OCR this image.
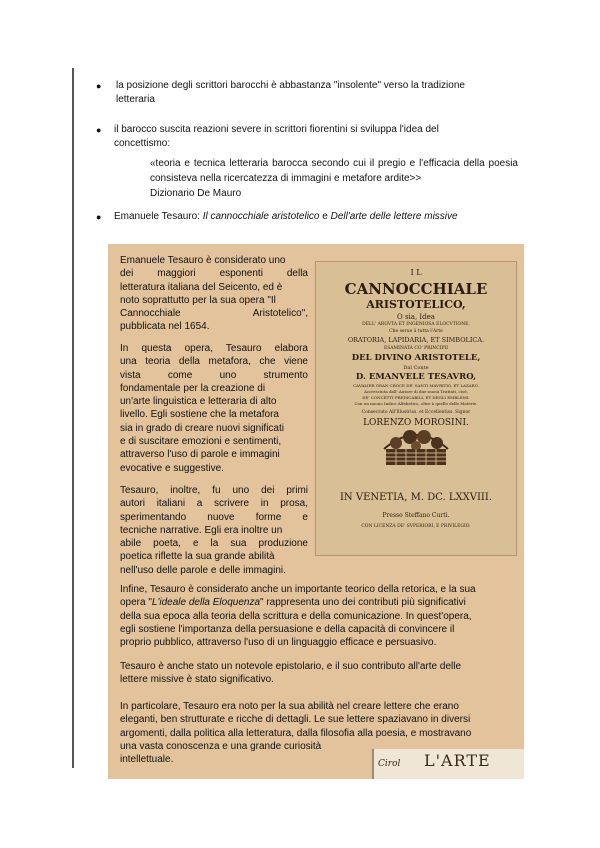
● la posizione degli scrittori barocchi è abbastanza "insolente" verso la tradizione
letteraria
● il barocco suscita reazioni severe in scrittori fiorentini si sviluppa l'idea del
concettismo:
«teoria e tecnica letteraria barocca secondo cui il pregio e l'efficacia della poesia consisteva nella ricercatezza di immagini e metafore ardite>>
Dizionario De Mauro
● Emanuele Tesauro: Il cannocchiale aristotelico e Dell'arte delle lettere missive
Emanuele Tesauro è considerato uno
dei maggiori esponenti della
letteratura italiana del Seicento, ed è
noto soprattutto per la sua opera "Il
Cannocchiale Aristotelico",
pubblicata nel 1654.
In questa opera, Tesauro elabora
una teoria della metafora, che viene
vista come uno strumento
fondamentale per la creazione di
un'arte linguistica e letteraria di alto
livello. Egli sostiene che la metafora
sia in grado di creare nuovi significati
e di suscitare emozioni e sentimenti,
attraverso l'uso di parole e immagini
evocative e suggestive.
Tesauro, inoltre, fu uno dei primi
autori italiani a scrivere in prosa,
sperimentando nuove forme e
tecniche narrative. Egli era inoltre un
abile poeta, e la sua produzione
poetica riflette la sua grande abilità
nell'uso delle parole e delle immagini.
I L
CANNOCCHIALE
ARISTOTELICO,
O sia, Idea
DELL' ARGVTA ET INGENIOSA ELOCVTIONE,
Che serue à tutta l'Arte
ORATORIA, LAPIDARIA, ET SIMBOLICA.
ESAMINATA CO' PRINCIPII
DEL DIVINO ARISTOTELE,
Dal Conte
D. EMANVELE TESAVRO,
CAVALIER GRAN CROCE DE' SANTI MAVRITIO, ET LAZARO.
Accresciuta dall' Autore di due nuoui Trattati, cioè,
DE' CONCETTI PREDICABILI, ET DEGLI EMBLEMI.
Con un nuouo Indice Alfabetico, oltre à quello delle Materie.
Consecrato All'Illustriss. et Eccellentiss. Signor
LORENZO MOROSINI.
IN VENETIA, M. DC. LXXVIII.
Presso Steffano Curti.
CON LICENZA DE' SVPERIORI, E PRIVILEGIO.
Infine, Tesauro è considerato anche un importante teorico della retorica, e la sua
opera "L'ideale della Eloquenza" rappresenta uno dei contributi più significativi
della sua epoca alla teoria della scrittura e della comunicazione. In quest'opera,
egli sostiene l'importanza della persuasione e della capacità di convincere il
proprio pubblico, attraverso l'uso di un linguaggio efficace e persuasivo.
Tesauro è anche stato un notevole epistolario, e il suo contributo all'arte delle
lettere missive è stato significativo.
In particolare, Tesauro era noto per la sua abilità nel creare lettere che erano
eleganti, ben strutturate e ricche di dettagli. Le sue lettere spaziavano in diversi
argomenti, dalla politica alla letteratura, dalla filosofia alla poesia, e mostravano
una vasta conoscenza e una grande curiosità
intellettuale.	Cirol L'ARTE
